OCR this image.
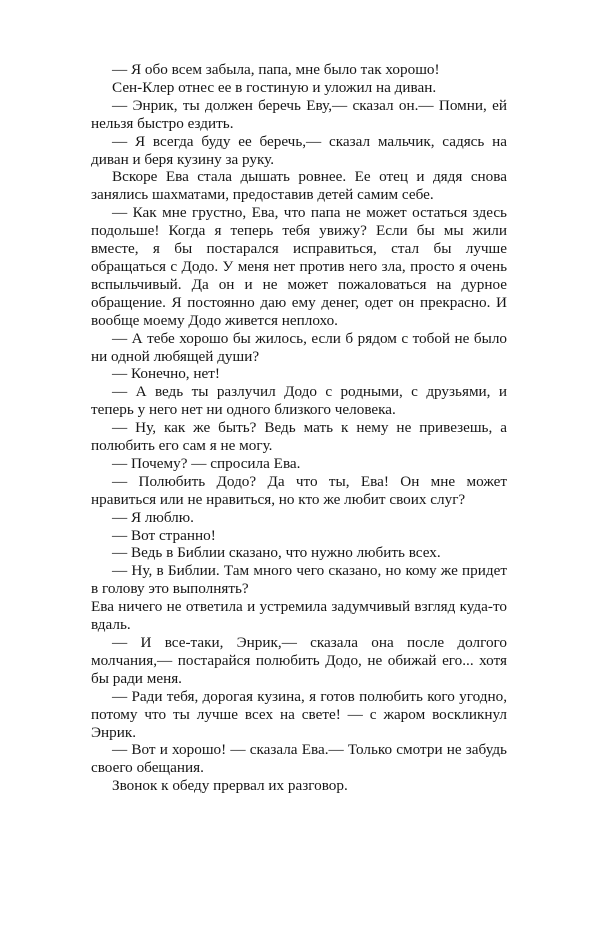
— Я обо всем забыла, папа, мне было так хорошо!

Сен-Клер отнес ее в гостиную и уложил на диван.

— Энрик, ты должен беречь Еву,— сказал он.— Помни, ей нельзя быстро ездить.

— Я всегда буду ее беречь,— сказал мальчик, садясь на диван и беря кузину за руку.

Вскоре Ева стала дышать ровнее. Ее отец и дядя снова занялись шахматами, предоставив детей самим себе.

— Как мне грустно, Ева, что папа не может остаться здесь подольше! Когда я теперь тебя увижу? Если бы мы жили вместе, я бы постарался исправиться, стал бы лучше обращаться с Додо. У меня нет против него зла, просто я очень вспыльчивый. Да он и не может пожаловаться на дурное обращение. Я постоянно даю ему денег, одет он прекрасно. И вообще моему Додо живется неплохо.

— А тебе хорошо бы жилось, если б рядом с тобой не было ни одной любящей души?

— Конечно, нет!

— А ведь ты разлучил Додо с родными, с друзьями, и теперь у него нет ни одного близкого человека.

— Ну, как же быть? Ведь мать к нему не привезешь, а полюбить его сам я не могу.

— Почему? — спросила Ева.

— Полюбить Додо? Да что ты, Ева! Он мне может нравиться или не нравиться, но кто же любит своих слуг?

— Я люблю.

— Вот странно!

— Ведь в Библии сказано, что нужно любить всех.

— Ну, в Библии. Там много чего сказано, но кому же придет в голову это выполнять?

Ева ничего не ответила и устремила задумчивый взгляд куда-то вдаль.

— И все-таки, Энрик,— сказала она после долгого молчания,— постарайся полюбить Додо, не обижай его... хотя бы ради меня.

— Ради тебя, дорогая кузина, я готов полюбить кого угодно, потому что ты лучше всех на свете! — с жаром воскликнул Энрик.

— Вот и хорошо! — сказала Ева.— Только смотри не забудь своего обещания.

Звонок к обеду прервал их разговор.
